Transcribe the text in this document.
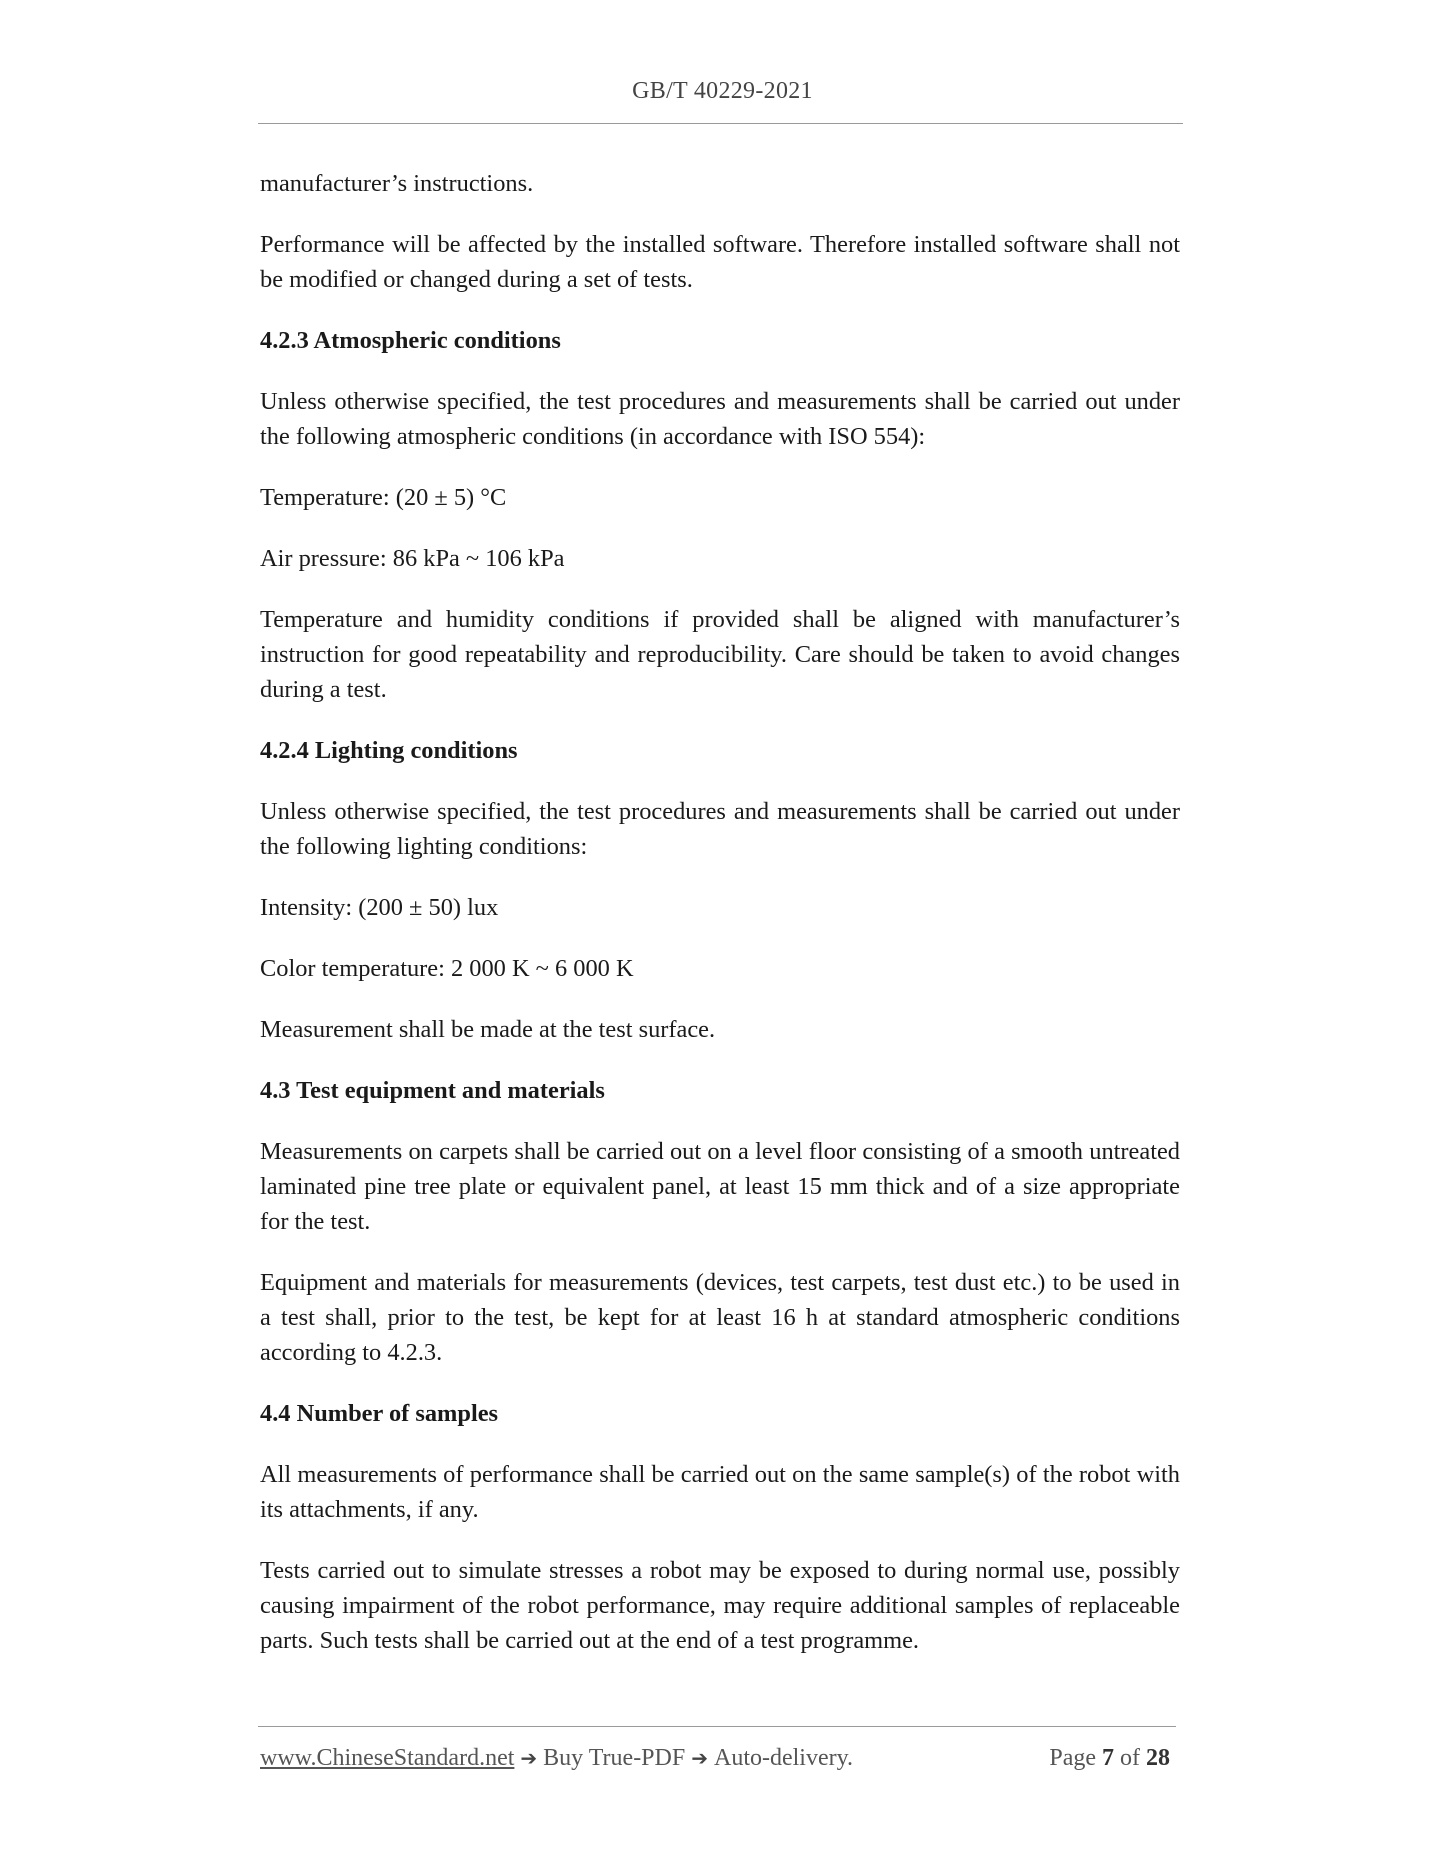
GB/T 40229-2021

manufacturer’s instructions.

Performance will be affected by the installed software. Therefore installed software shall not be modified or changed during a set of tests.

4.2.3 Atmospheric conditions

Unless otherwise specified, the test procedures and measurements shall be carried out under the following atmospheric conditions (in accordance with ISO 554):

Temperature: (20 ± 5) °C

Air pressure: 86 kPa ~ 106 kPa

Temperature and humidity conditions if provided shall be aligned with manufacturer’s instruction for good repeatability and reproducibility. Care should be taken to avoid changes during a test.

4.2.4 Lighting conditions

Unless otherwise specified, the test procedures and measurements shall be carried out under the following lighting conditions:

Intensity: (200 ± 50) lux

Color temperature: 2 000 K ~ 6 000 K

Measurement shall be made at the test surface.

4.3 Test equipment and materials

Measurements on carpets shall be carried out on a level floor consisting of a smooth untreated laminated pine tree plate or equivalent panel, at least 15 mm thick and of a size appropriate for the test.

Equipment and materials for measurements (devices, test carpets, test dust etc.) to be used in a test shall, prior to the test, be kept for at least 16 h at standard atmospheric conditions according to 4.2.3.

4.4 Number of samples

All measurements of performance shall be carried out on the same sample(s) of the robot with its attachments, if any.

Tests carried out to simulate stresses a robot may be exposed to during normal use, possibly causing impairment of the robot performance, may require additional samples of replaceable parts. Such tests shall be carried out at the end of a test programme.

www.ChineseStandard.net ➔ Buy True-PDF ➔ Auto-delivery.	Page 7 of 28
